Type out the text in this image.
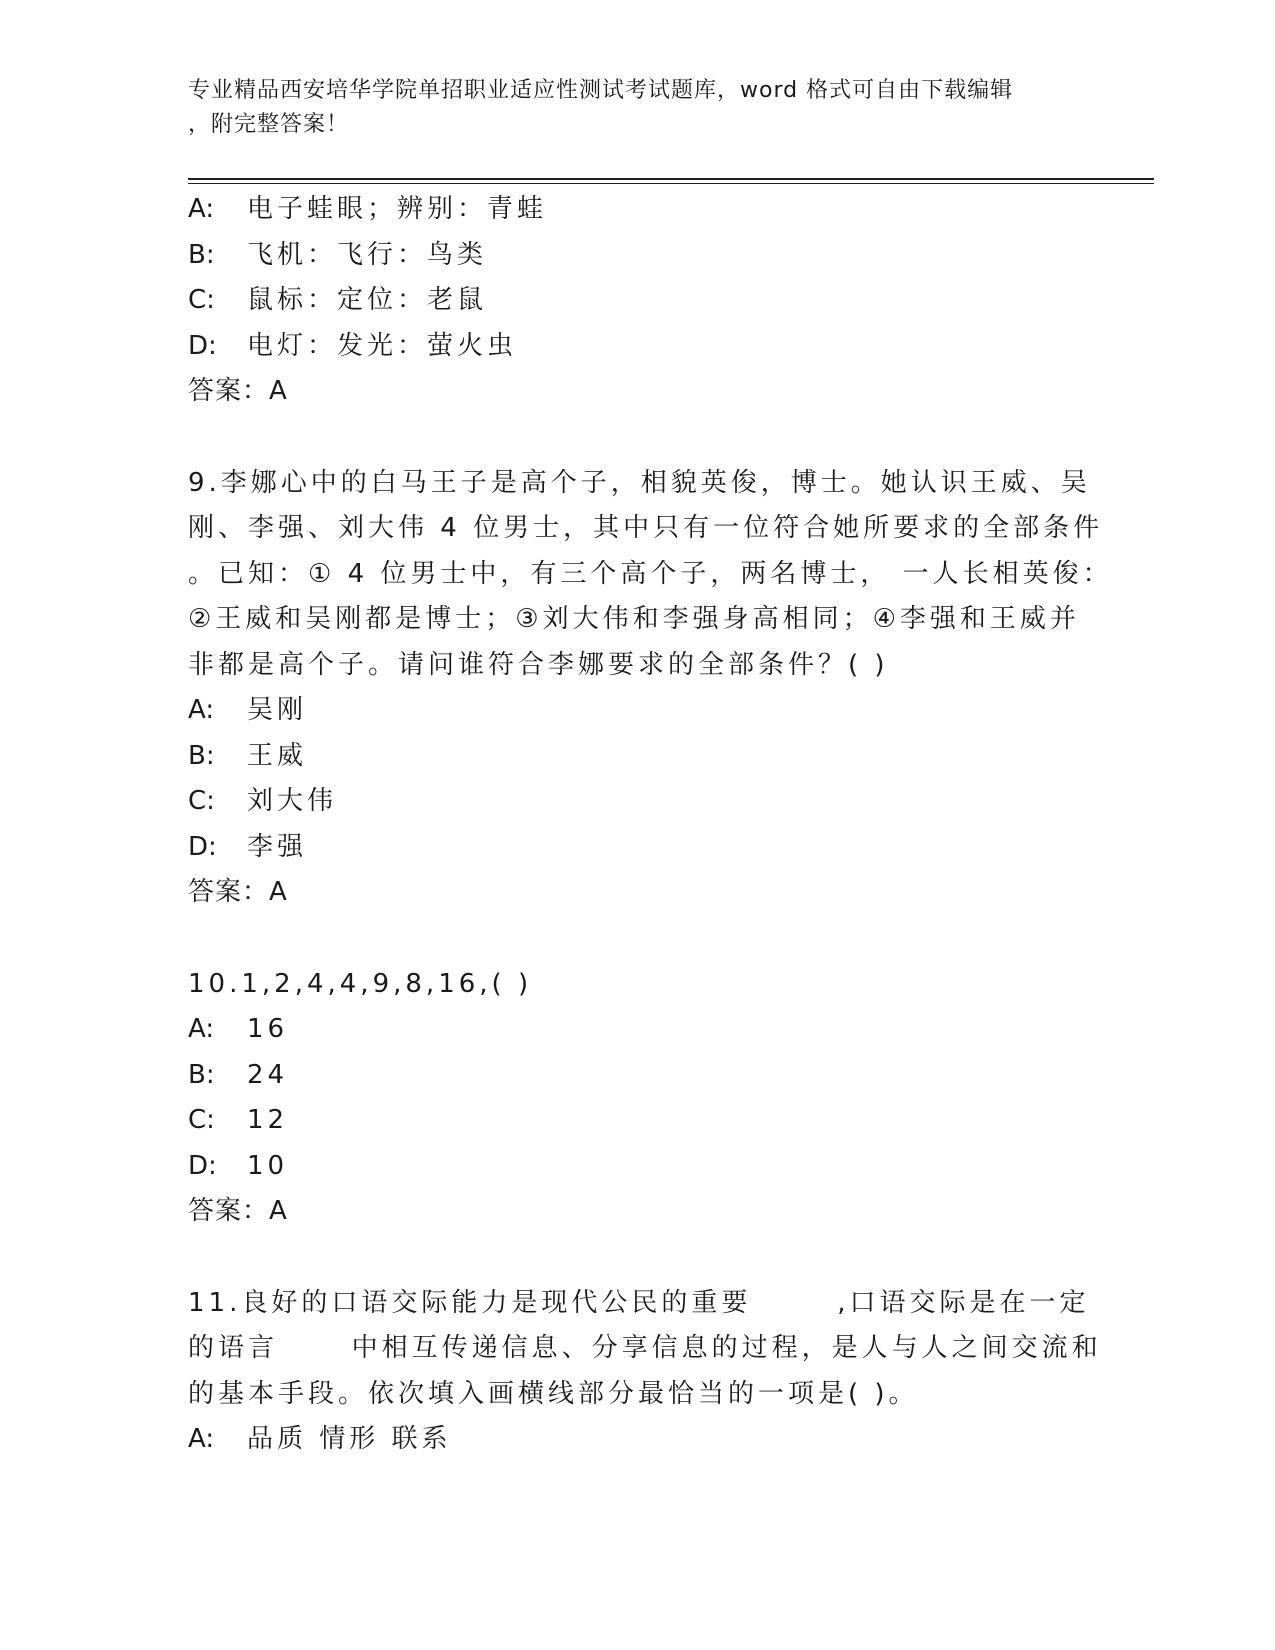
专业精品西安培华学院单招职业适应性测试考试题库，word 格式可自由下载编辑
，附完整答案！
A: 电子蛙眼；辨别：青蛙
B: 飞机：飞行：鸟类
C: 鼠标：定位：老鼠
D: 电灯：发光：萤火虫
答案：A
9.李娜心中的白马王子是高个子，相貌英俊，博士。她认识王威、吴
刚、李强、刘大伟 4 位男士，其中只有一位符合她所要求的全部条件
。已知：① 4 位男士中，有三个高个子，两名博士， 一人长相英俊：
②王威和吴刚都是博士；③刘大伟和李强身高相同；④李强和王威并
非都是高个子。请问谁符合李娜要求的全部条件？( )
A: 吴刚
B: 王威
C: 刘大伟
D: 李强
答案：A
10.1,2,4,4,9,8,16,( )
A: 16
B: 24
C: 12
D: 10
答案：A
11.良好的口语交际能力是现代公民的重要       ,口语交际是在一定
的语言      中相互传递信息、分享信息的过程，是人与人之间交流和
的基本手段。依次填入画横线部分最恰当的一项是( )。
A: 品质 情形 联系
